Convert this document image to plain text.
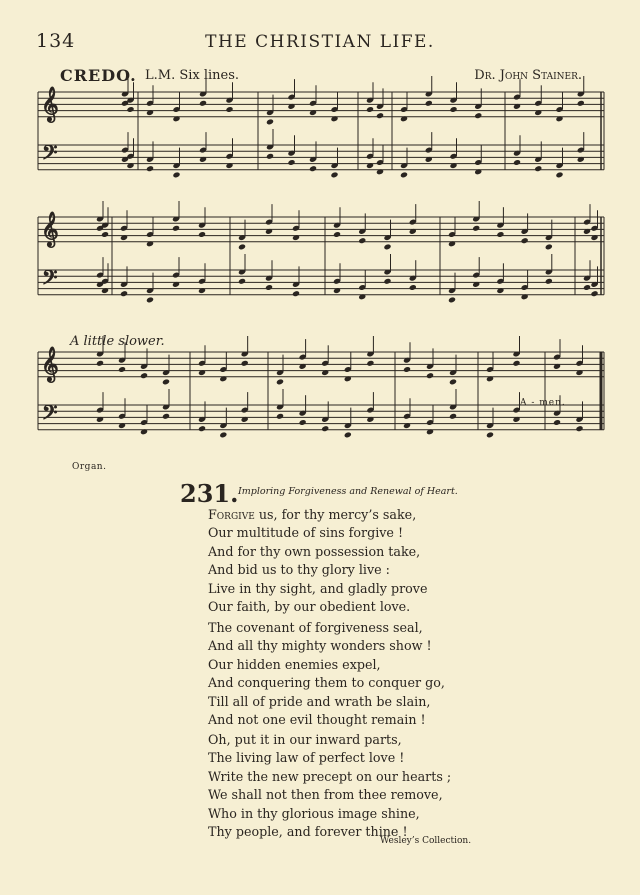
134	THE CHRISTIAN LIFE.
CREDO. L.M. Six lines.	Dr. John Stainer.
𝄞
𝄢
𝄞
𝄢
𝄞
𝄢
A little slower.
A - men.
Organ.
231. Imploring Forgiveness and Renewal of Heart.
Forgive us, for thy mercy’s sake,
Our multitude of sins forgive !
And for thy own possession take,
And bid us to thy glory live :
Live in thy sight, and gladly prove
Our faith, by our obedient love.
The covenant of forgiveness seal,
And all thy mighty wonders show !
Our hidden enemies expel,
And conquering them to conquer go,
Till all of pride and wrath be slain,
And not one evil thought remain !
Oh, put it in our inward parts,
The living law of perfect love !
Write the new precept on our hearts ;
We shall not then from thee remove,
Who in thy glorious image shine,
Thy people, and forever thine !
Wesley’s Collection.
